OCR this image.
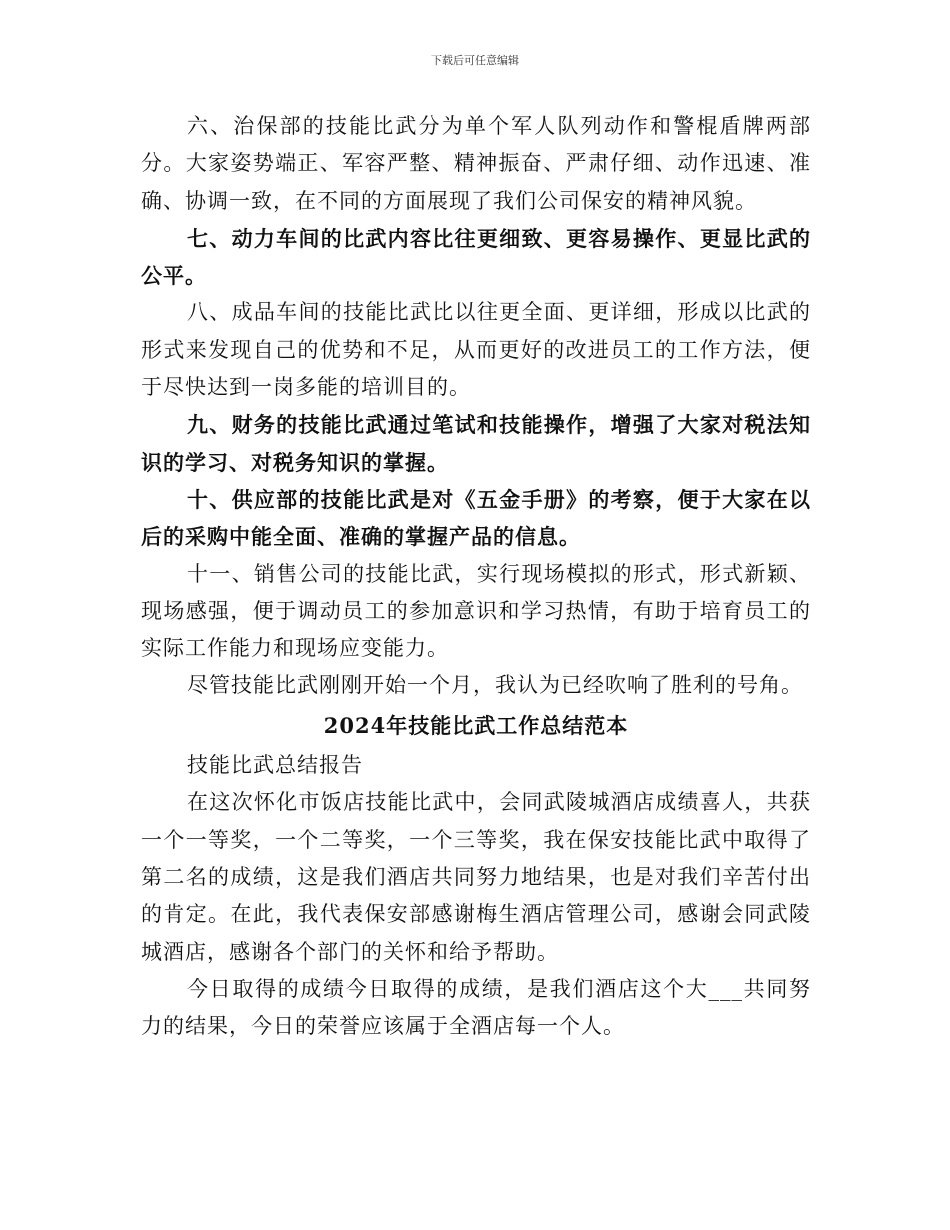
下载后可任意编辑

六、治保部的技能比武分为单个军人队列动作和警棍盾牌两部分。大家姿势端正、军容严整、精神振奋、严肃仔细、动作迅速、准确、协调一致，在不同的方面展现了我们公司保安的精神风貌。

七、动力车间的比武内容比往更细致、更容易操作、更显比武的公平。

八、成品车间的技能比武比以往更全面、更详细，形成以比武的形式来发现自己的优势和不足，从而更好的改进员工的工作方法，便于尽快达到一岗多能的培训目的。

九、财务的技能比武通过笔试和技能操作，增强了大家对税法知识的学习、对税务知识的掌握。

十、供应部的技能比武是对《五金手册》的考察，便于大家在以后的采购中能全面、准确的掌握产品的信息。

十一、销售公司的技能比武，实行现场模拟的形式，形式新颖、现场感强，便于调动员工的参加意识和学习热情，有助于培育员工的实际工作能力和现场应变能力。

尽管技能比武刚刚开始一个月，我认为已经吹响了胜利的号角。

2024年技能比武工作总结范本

技能比武总结报告

在这次怀化市饭店技能比武中，会同武陵城酒店成绩喜人，共获一个一等奖，一个二等奖，一个三等奖，我在保安技能比武中取得了第二名的成绩，这是我们酒店共同努力地结果，也是对我们辛苦付出的肯定。在此，我代表保安部感谢梅生酒店管理公司，感谢会同武陵城酒店，感谢各个部门的关怀和给予帮助。

今日取得的成绩今日取得的成绩，是我们酒店这个大___共同努力的结果，今日的荣誉应该属于全酒店每一个人。
